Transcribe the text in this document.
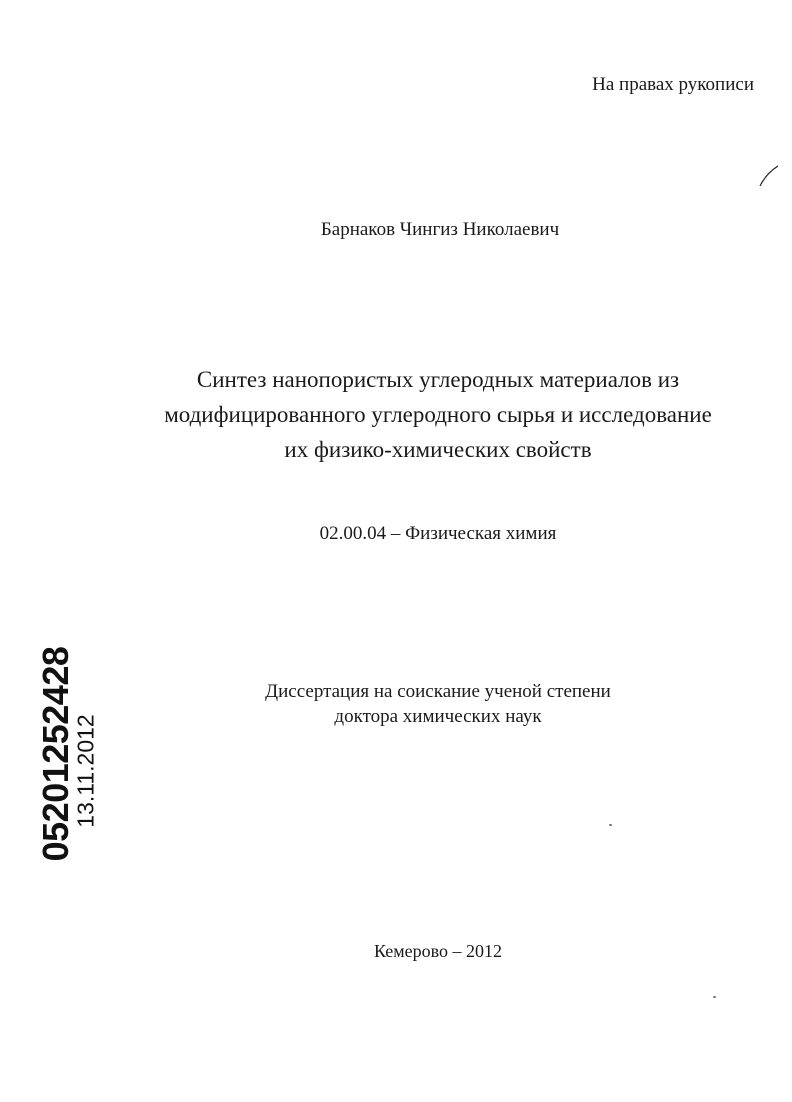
На правах рукописи
Барнаков Чингиз Николаевич
Синтез нанопористых углеродных материалов из
модифицированного углеродного сырья и исследование
их физико-химических свойств
02.00.04 – Физическая химия
05201252428
13.11.2012
Диссертация на соискание ученой степени
доктора химических наук
Кемерово – 2012
